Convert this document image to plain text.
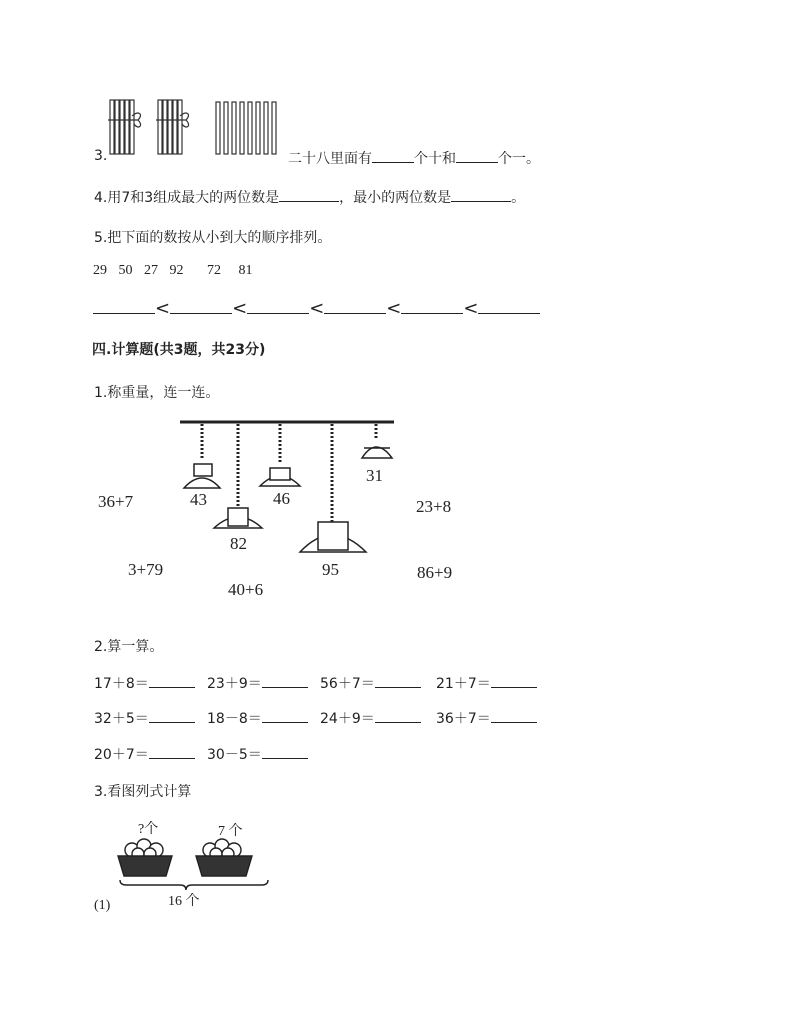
3.	二十八里面有	个十和	个一。
4.用7和3组成最大的两位数是	，最小的两位数是	。
5.把下面的数按从小到大的顺序排列。
29 50 27 92 72 81
<	<	<	<	<
四.计算题(共3题，共23分)
1.称重量，连一连。
43
82
46
95
31
36+7	23+8
3+79
40+6
86+9
2.算一算。
17＋8＝	23＋9＝	56＋7＝	21＋7＝
32＋5＝	18－8＝	24＋9＝	36＋7＝
20＋7＝	30－5＝
3.看图列式计算
?个	7 个
16 个
(1)
